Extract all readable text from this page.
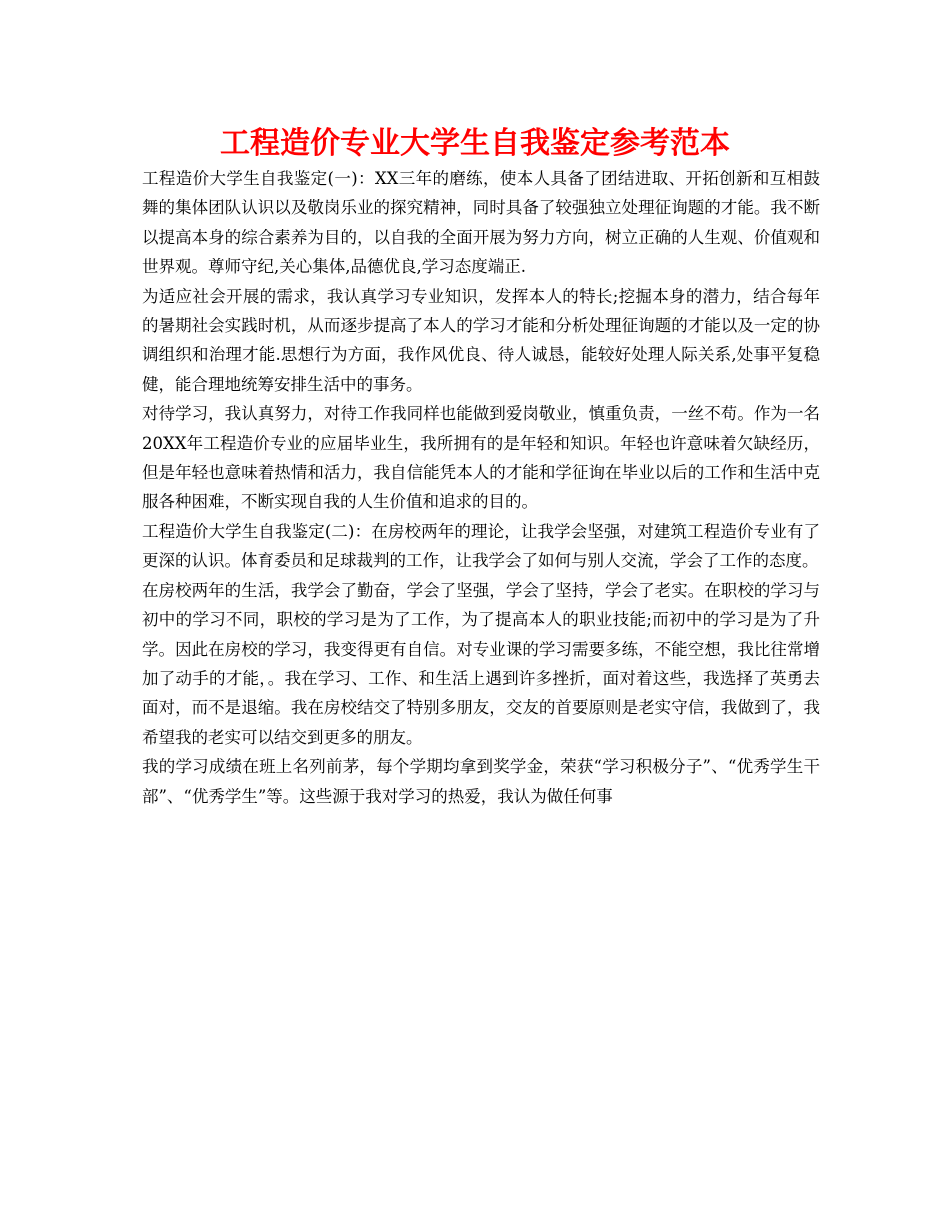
工程造价专业大学生自我鉴定参考范本

工程造价大学生自我鉴定(一)：XX三年的磨练，使本人具备了团结进取、开拓创新和互相鼓舞的集体团队认识以及敬岗乐业的探究精神，同时具备了较强独立处理征询题的才能。我不断以提高本身的综合素养为目的，以自我的全面开展为努力方向，树立正确的人生观、价值观和世界观。尊师守纪,关心集体,品德优良,学习态度端正.

为适应社会开展的需求，我认真学习专业知识，发挥本人的特长;挖掘本身的潜力，结合每年的暑期社会实践时机，从而逐步提高了本人的学习才能和分析处理征询题的才能以及一定的协调组织和治理才能.思想行为方面，我作风优良、待人诚恳，能较好处理人际关系,处事平复稳健，能合理地统筹安排生活中的事务。

对待学习，我认真努力，对待工作我同样也能做到爱岗敬业，慎重负责，一丝不苟。作为一名20XX年工程造价专业的应届毕业生，我所拥有的是年轻和知识。年轻也许意味着欠缺经历，但是年轻也意味着热情和活力，我自信能凭本人的才能和学征询在毕业以后的工作和生活中克服各种困难，不断实现自我的人生价值和追求的目的。

工程造价大学生自我鉴定(二)：在房校两年的理论，让我学会坚强，对建筑工程造价专业有了更深的认识。体育委员和足球裁判的工作，让我学会了如何与别人交流，学会了工作的态度。

在房校两年的生活，我学会了勤奋，学会了坚强，学会了坚持，学会了老实。在职校的学习与初中的学习不同，职校的学习是为了工作，为了提高本人的职业技能;而初中的学习是为了升学。因此在房校的学习，我变得更有自信。对专业课的学习需要多练，不能空想，我比往常增加了动手的才能，。我在学习、工作、和生活上遇到许多挫折，面对着这些，我选择了英勇去面对，而不是退缩。我在房校结交了特别多朋友，交友的首要原则是老实守信，我做到了，我希望我的老实可以结交到更多的朋友。

我的学习成绩在班上名列前茅，每个学期均拿到奖学金，荣获“学习积极分子”、“优秀学生干部”、“优秀学生”等。这些源于我对学习的热爱，我认为做任何事
